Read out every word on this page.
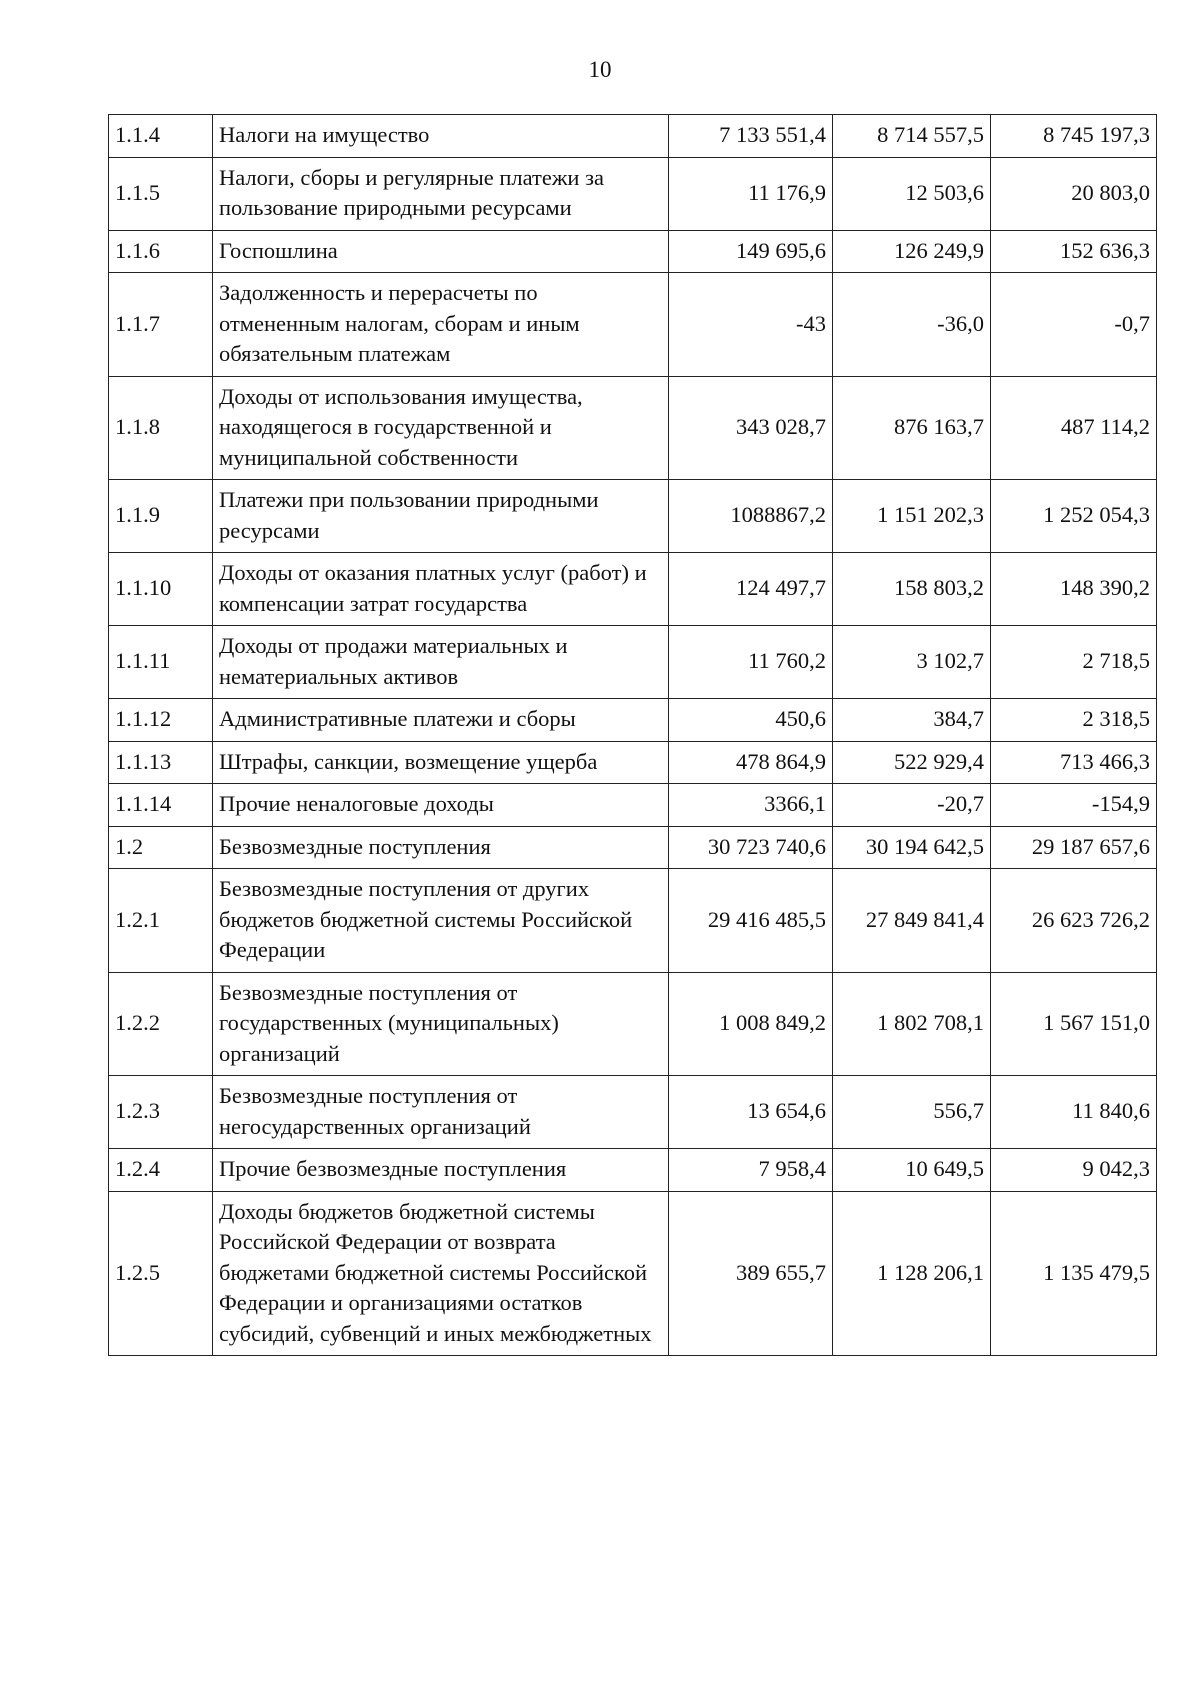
10
1.1.4	Налоги на имущество	7 133 551,4	8 714 557,5	8 745 197,3
1.1.5	Налоги, сборы и регулярные платежи за пользование природными ресурсами	11 176,9	12 503,6	20 803,0
1.1.6	Госпошлина	149 695,6	126 249,9	152 636,3
1.1.7	Задолженность и перерасчеты по отмененным налогам, сборам и иным обязательным платежам	-43	-36,0	-0,7
1.1.8	Доходы от использования имущества, находящегося в государственной и муниципальной собственности	343 028,7	876 163,7	487 114,2
1.1.9	Платежи при пользовании природными ресурсами	1088867,2	1 151 202,3	1 252 054,3
1.1.10	Доходы от оказания платных услуг (работ) и компенсации затрат государства	124 497,7	158 803,2	148 390,2
1.1.11	Доходы от продажи материальных и нематериальных активов	11 760,2	3 102,7	2 718,5
1.1.12	Административные платежи и сборы	450,6	384,7	2 318,5
1.1.13	Штрафы, санкции, возмещение ущерба	478 864,9	522 929,4	713 466,3
1.1.14	Прочие неналоговые доходы	3366,1	-20,7	-154,9
1.2	Безвозмездные поступления	30 723 740,6	30 194 642,5	29 187 657,6
1.2.1	Безвозмездные поступления от других бюджетов бюджетной системы Российской Федерации	29 416 485,5	27 849 841,4	26 623 726,2
1.2.2	Безвозмездные поступления от государственных (муниципальных) организаций	1 008 849,2	1 802 708,1	1 567 151,0
1.2.3	Безвозмездные поступления от негосударственных организаций	13 654,6	556,7	11 840,6
1.2.4	Прочие безвозмездные поступления	7 958,4	10 649,5	9 042,3
1.2.5	Доходы бюджетов бюджетной системы Российской Федерации от возврата бюджетами бюджетной системы Российской Федерации и организациями остатков субсидий, субвенций и иных межбюджетных	389 655,7	1 128 206,1	1 135 479,5
